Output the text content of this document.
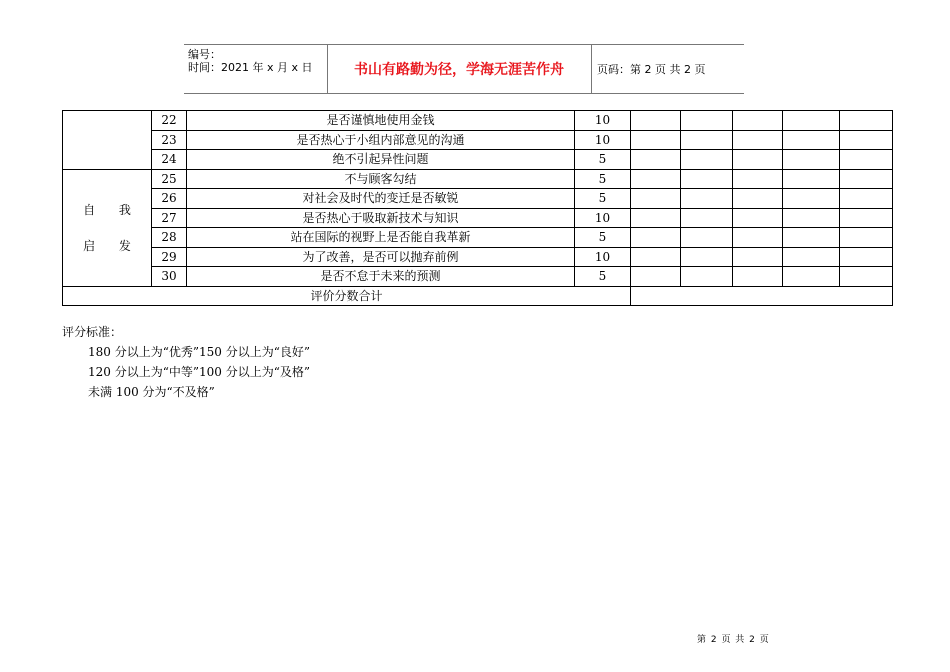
编号：
时间：2021 年 x 月 x 日	书山有路勤为径，学海无涯苦作舟	页码：第 2 页 共 2 页
	22	是否谨慎地使用金钱	10					
	23	是否热心于小组内部意见的沟通	10					
	24	绝不引起异性问题	5					

自 我
启 发	25	不与顾客勾结	5					
	26	对社会及时代的变迁是否敏锐	5					
	27	是否热心于吸取新技术与知识	10					
	28	站在国际的视野上是否能自我革新	5					
	29	为了改善，是否可以抛弃前例	10					
	30	是否不怠于未来的预测	5					
评价分数合计								
评分标准：
180 分以上为“优秀”150 分以上为“良好”
120 分以上为“中等”100 分以上为“及格”
未满 100 分为“不及格”
第 2 页 共 2 页
